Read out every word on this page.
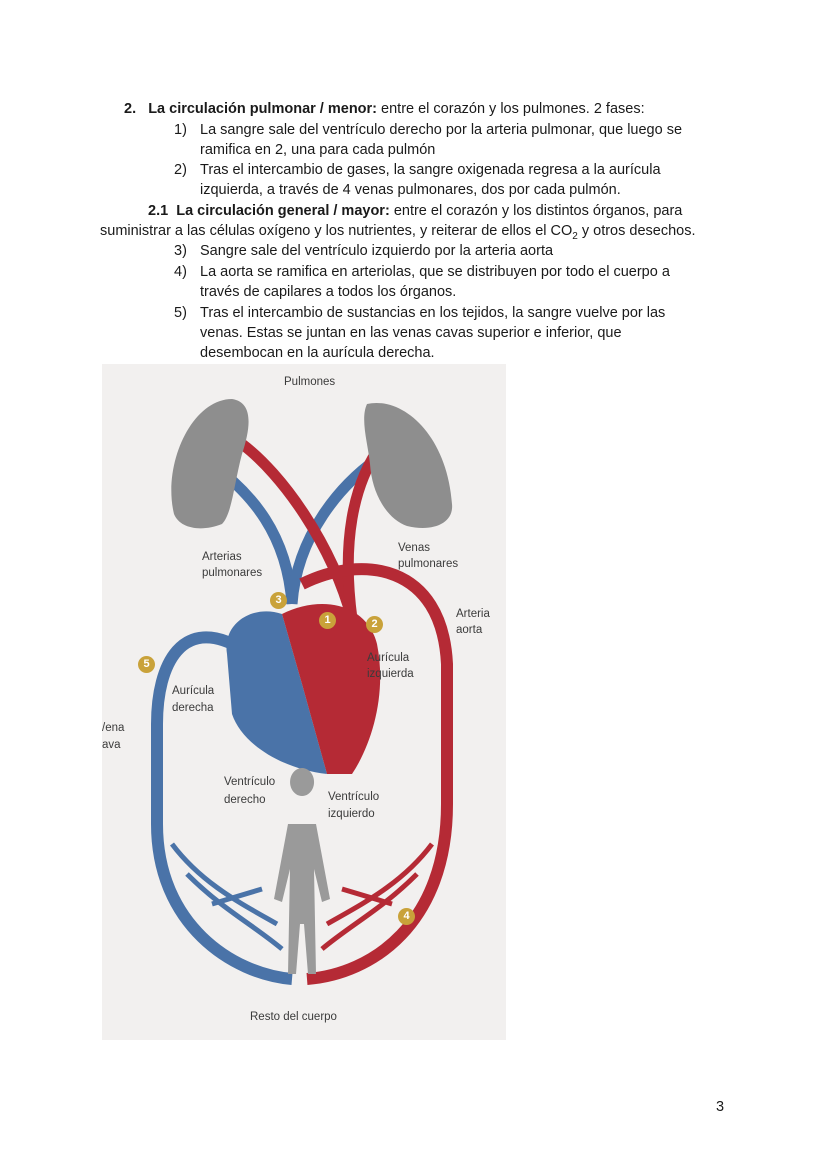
2. La circulación pulmonar / menor: entre el corazón y los pulmones. 2 fases:
1) La sangre sale del ventrículo derecho por la arteria pulmonar, que luego se
ramifica en 2, una para cada pulmón
2) Tras el intercambio de gases, la sangre oxigenada regresa a la aurícula
izquierda, a través de 4 venas pulmonares, dos por cada pulmón.
2.1 La circulación general / mayor: entre el corazón y los distintos órganos, para
suministrar a las células oxígeno y los nutrientes, y reiterar de ellos el $CO_2$ y otros desechos.
3) Sangre sale del ventrículo izquierdo por la arteria aorta
4) La aorta se ramifica en arteriolas, que se distribuyen por todo el cuerpo a
través de capilares a todos los órganos.
5) Tras el intercambio de sustancias en los tejidos, la sangre vuelve por las
venas. Estas se juntan en las venas cavas superior e inferior, que
desembocan en la aurícula derecha.
Pulmones
Arterias
pulmonares
Venas
pulmonares
Arteria
aorta
Aurícula
izquierda
Aurícula
derecha
/ena
ava
Ventrículo
derecho	Ventrículo
izquierdo
Resto del cuerpo
1	2
3
4
5
3
